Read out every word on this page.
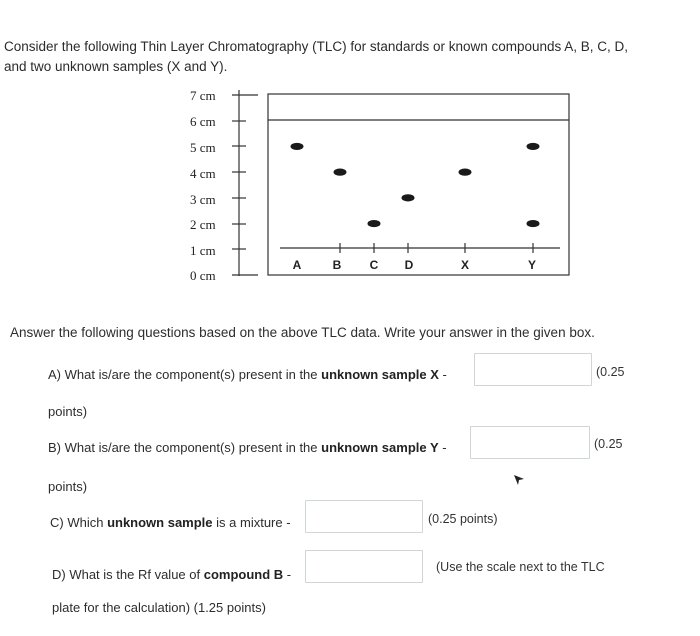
Consider the following Thin Layer Chromatography (TLC) for standards or known compounds A, B, C, D,
and two unknown samples (X and Y).
7 cm
6 cm
5 cm
4 cm
3 cm
2 cm
1 cm
0 cm
A	B C D	X	Y
Answer the following questions based on the above TLC data. Write your answer in the given box.
A) What is/are the component(s) present in the unknown sample X -	(0.25
points)
B) What is/are the component(s) present in the unknown sample Y -	(0.25
points)
C) Which unknown sample is a mixture -	(0.25 points)
D) What is the Rf value of compound B -	(Use the scale next to the TLC
plate for the calculation) (1.25 points)
